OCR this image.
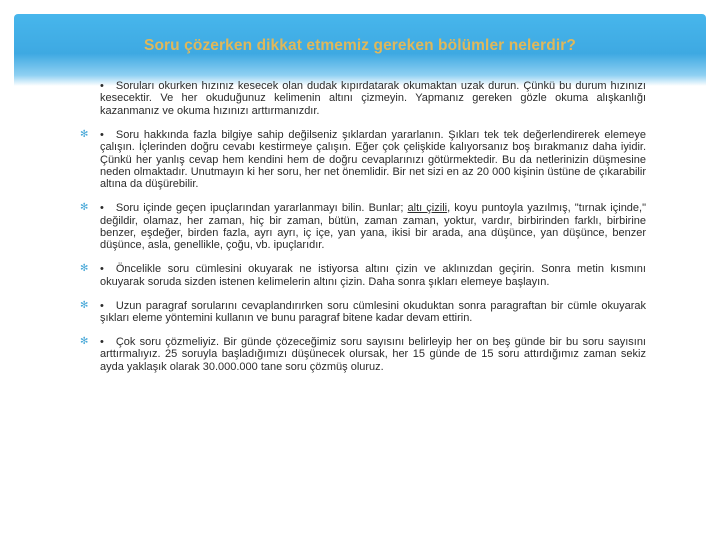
Soru çözerken dikkat etmemiz gereken bölümler nelerdir?

• Soruları okurken hızınız kesecek olan dudak kıpırdatarak okumaktan uzak durun. Çünkü bu durum hızınızı kesecektir. Ve her okuduğunuz kelimenin altını çizmeyin. Yapmanız gereken gözle okuma alışkanlığı kazanmanız ve okuma hızınızı arttırmanızdır.

✻ • Soru hakkında fazla bilgiye sahip değilseniz şıklardan yararlanın. Şıkları tek tek değerlendirerek elemeye çalışın. İçlerinden doğru cevabı kestirmeye çalışın. Eğer çok çelişkide kalıyorsanız boş bırakmanız daha iyidir. Çünkü her yanlış cevap hem kendini hem de doğru cevaplarınızı götürmektedir. Bu da netlerinizin düşmesine neden olmaktadır. Unutmayın ki her soru, her net önemlidir. Bir net sizi en az 20 000 kişinin üstüne de çıkarabilir altına da düşürebilir.

✻ • Soru içinde geçen ipuçlarından yararlanmayı bilin. Bunlar; altı çizili, koyu puntoyla yazılmış, "tırnak içinde," değildir, olamaz, her zaman, hiç bir zaman, bütün, zaman zaman, yoktur, vardır, birbirinden farklı, birbirine benzer, eşdeğer, birden fazla, ayrı ayrı, iç içe, yan yana, ikisi bir arada, ana düşünce, yan düşünce, benzer düşünce, asla, genellikle, çoğu, vb. ipuçlarıdır.

✻ • Öncelikle soru cümlesini okuyarak ne istiyorsa altını çizin ve aklınızdan geçirin. Sonra metin kısmını okuyarak soruda sizden istenen kelimelerin altını çizin. Daha sonra şıkları elemeye başlayın.

✻ • Uzun paragraf sorularını cevaplandırırken soru cümlesini okuduktan sonra paragraftan bir cümle okuyarak şıkları eleme yöntemini kullanın ve bunu paragraf bitene kadar devam ettirin.

✻ • Çok soru çözmeliyiz. Bir günde çözeceğimiz soru sayısını belirleyip her on beş günde bir bu soru sayısını arttırmalıyız. 25 soruyla başladığımızı düşünecek olursak, her 15 günde de 15 soru attırdığımız zaman sekiz ayda yaklaşık olarak 30.000.000 tane soru çözmüş oluruz.
